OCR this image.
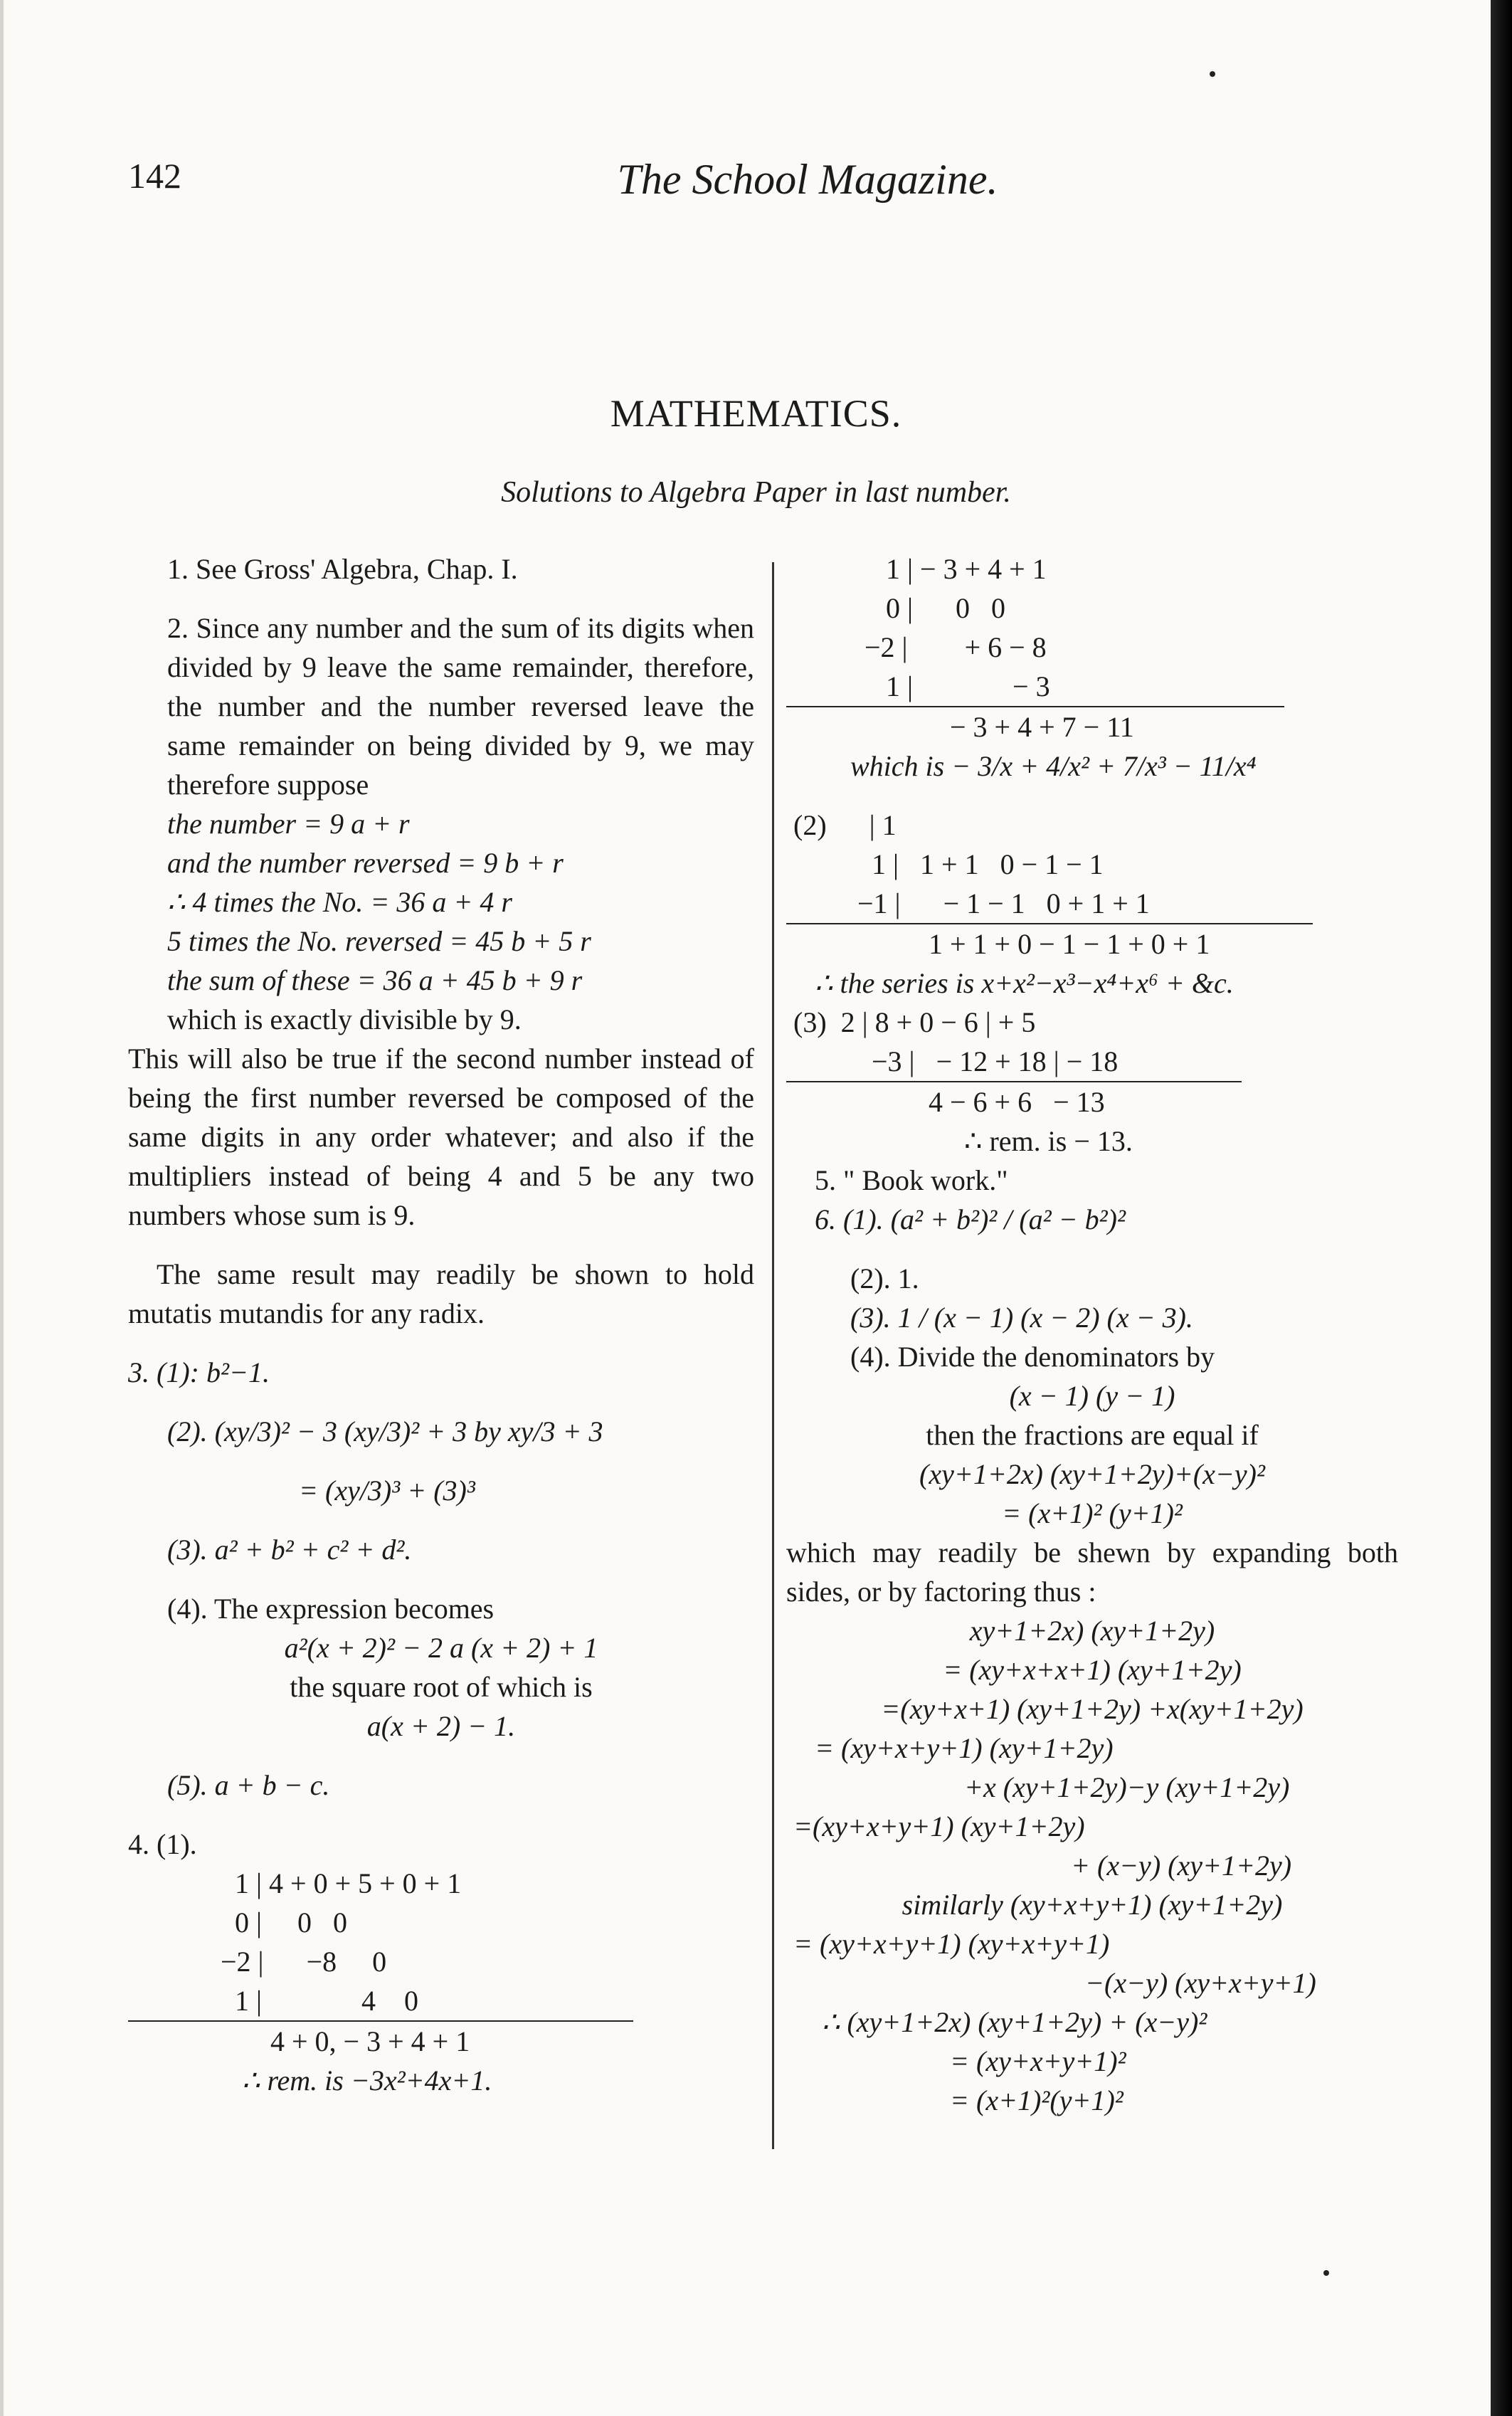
142	The School Magazine.
MATHEMATICS.
Solutions to Algebra Paper in last number.
1. See Gross' Algebra, Chap. I.
2. Since any number and the sum of its digits when divided by 9 leave the same remainder, therefore, the number and the number reversed leave the same remainder on being divided by 9, we may therefore suppose
the number = 9 a + r
and the number reversed = 9 b + r
∴ 4 times the No. = 36 a + 4 r
5 times the No. reversed = 45 b + 5 r
the sum of these = 36 a + 45 b + 9 r
which is exactly divisible by 9.
This will also be true if the second number instead of being the first number reversed be composed of the same digits in any order whatever; and also if the multipliers instead of being 4 and 5 be any two numbers whose sum is 9.
The same result may readily be shown to hold mutatis mutandis for any radix.
3. (1): b²−1.
(2). (xy/3)² − 3 (xy/3)² + 3 by xy/3 + 3
= (xy/3)³ + (3)³
(3). a² + b² + c² + d².
(4). The expression becomes
a²(x + 2)² − 2 a (x + 2) + 1
the square root of which is
a(x + 2) − 1.
(5). a + b − c.
4. (1).
1 | 4 + 0 + 5 + 0 + 1
0 |     0   0
−2 |      −8     0
1 |              4    0
4 + 0, − 3 + 4 + 1
∴ rem. is −3x²+4x+1.
1 | − 3 + 4 + 1
0 |      0   0
−2 |        + 6 − 8
1 |              − 3
− 3 + 4 + 7 − 11
which is − 3/x + 4/x² + 7/x³ − 11/x⁴
(2)      | 1
1 |   1 + 1   0 − 1 − 1
−1 |      − 1 − 1   0 + 1 + 1
1 + 1 + 0 − 1 − 1 + 0 + 1
∴ the series is x+x²−x³−x⁴+x⁶ + &c.
(3)  2 | 8 + 0 − 6 | + 5
−3 |   − 12 + 18 | − 18
4 − 6 + 6   − 13
∴ rem. is − 13.
5. " Book work."
6. (1). (a² + b²)² / (a² − b²)²
(2). 1.
(3). 1 / (x − 1) (x − 2) (x − 3).
(4). Divide the denominators by
(x − 1) (y − 1)
then the fractions are equal if
(xy+1+2x) (xy+1+2y)+(x−y)²
= (x+1)² (y+1)²
which may readily be shewn by expanding both sides, or by factoring thus :
xy+1+2x) (xy+1+2y)
= (xy+x+x+1) (xy+1+2y)
=(xy+x+1) (xy+1+2y) +x(xy+1+2y)
= (xy+x+y+1) (xy+1+2y)
+x (xy+1+2y)−y (xy+1+2y)
=(xy+x+y+1) (xy+1+2y)
+ (x−y) (xy+1+2y)
similarly (xy+x+y+1) (xy+1+2y)
= (xy+x+y+1) (xy+x+y+1)
−(x−y) (xy+x+y+1)
∴ (xy+1+2x) (xy+1+2y) + (x−y)²
= (xy+x+y+1)²
= (x+1)²(y+1)²
